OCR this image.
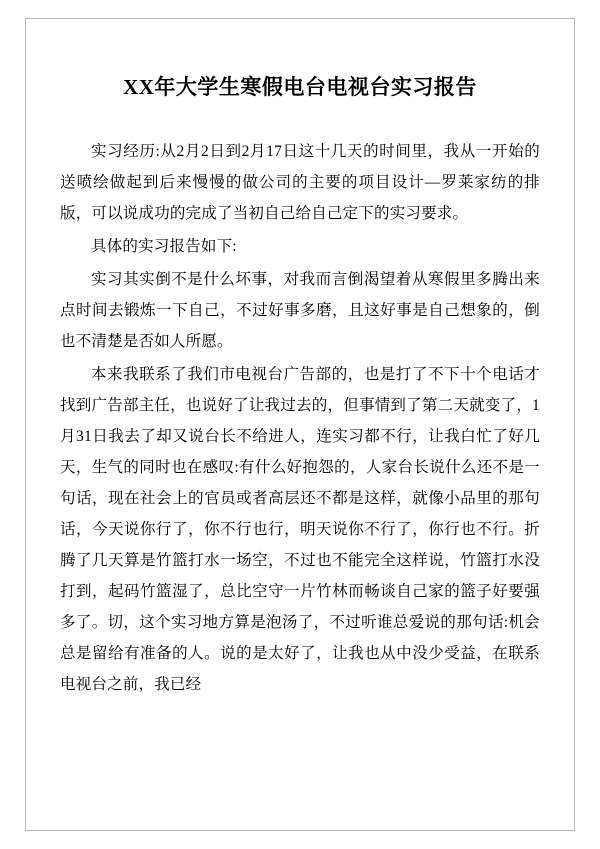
XX年大学生寒假电台电视台实习报告

实习经历:从2月2日到2月17日这十几天的时间里，我从一开始的送喷绘做起到后来慢慢的做公司的主要的项目设计—罗莱家纺的排版，可以说成功的完成了当初自己给自己定下的实习要求。

具体的实习报告如下:

实习其实倒不是什么坏事，对我而言倒渴望着从寒假里多腾出来点时间去锻炼一下自己，不过好事多磨，且这好事是自己想象的，倒也不清楚是否如人所愿。

本来我联系了我们市电视台广告部的，也是打了不下十个电话才找到广告部主任，也说好了让我过去的，但事情到了第二天就变了，1月31日我去了却又说台长不给进人，连实习都不行，让我白忙了好几天，生气的同时也在感叹:有什么好抱怨的，人家台长说什么还不是一句话，现在社会上的官员或者高层还不都是这样，就像小品里的那句话，今天说你行了，你不行也行，明天说你不行了，你行也不行。折腾了几天算是竹篮打水一场空，不过也不能完全这样说，竹篮打水没打到，起码竹篮湿了，总比空守一片竹林而畅谈自己家的篮子好要强多了。切，这个实习地方算是泡汤了，不过听谁总爱说的那句话:机会总是留给有准备的人。说的是太好了，让我也从中没少受益，在联系电视台之前，我已经
